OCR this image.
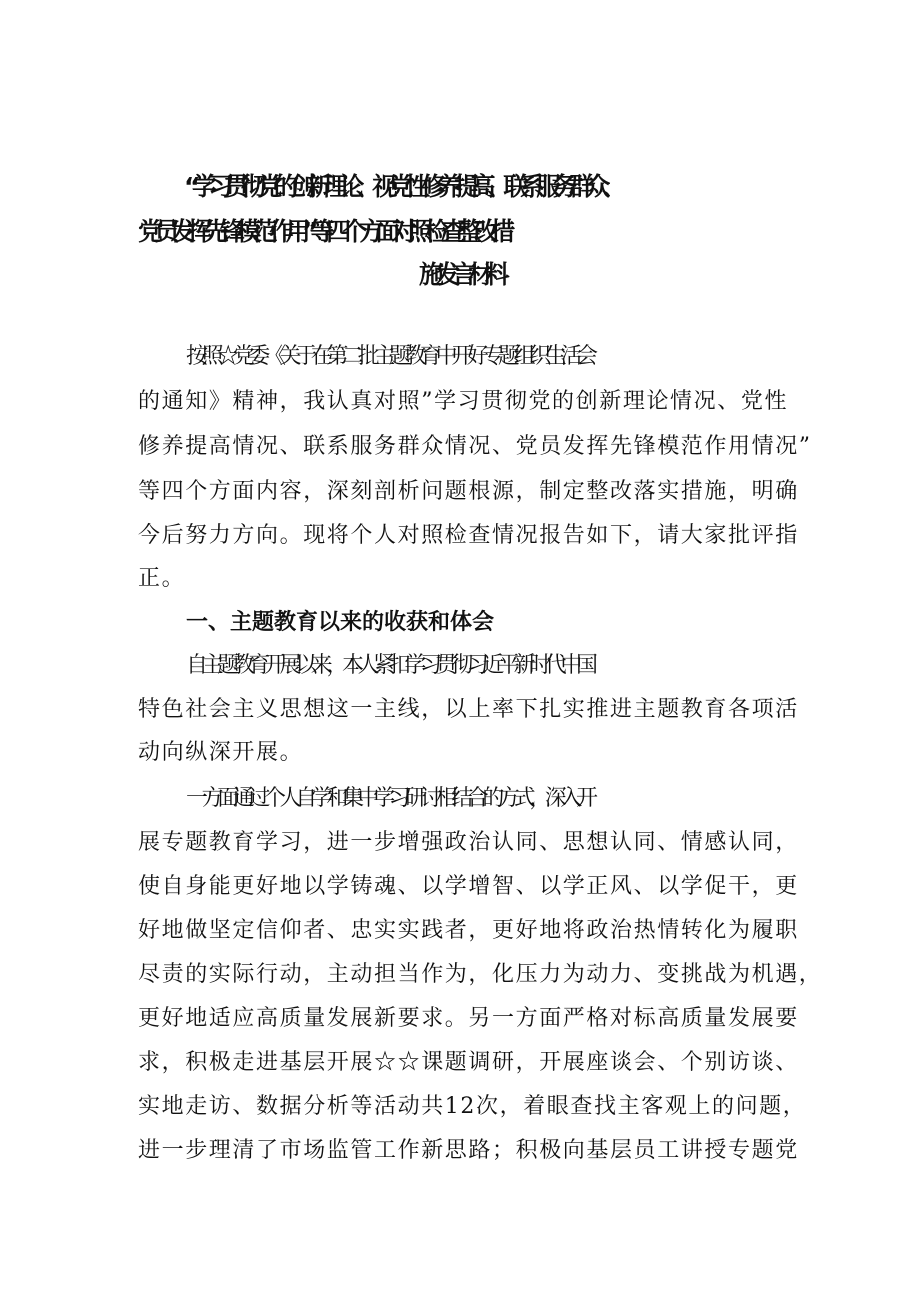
“学习贯彻党的创新理论、视党性修养提高、联系服务群众、
党员发挥先锋模范作用”等四个方面对照检查整改措
施发言材料
按照☆党委《关于在第二批主题教育中开好专题组织生活会
的通知》精神，我认真对照”学习贯彻党的创新理论情况、党性
修养提高情况、联系服务群众情况、党员发挥先锋模范作用情况”
等四个方面内容，深刻剖析问题根源，制定整改落实措施，明确
今后努力方向。现将个人对照检查情况报告如下，请大家批评指
正。
一、主题教育以来的收获和体会
自主题教育开展以来，本人紧扣学习贯彻习近平新时代中国
特色社会主义思想这一主线，以上率下扎实推进主题教育各项活
动向纵深开展。
一方面通过个人自学和集中学习研讨相结合的方式，深入开
展专题教育学习，进一步增强政治认同、思想认同、情感认同，
使自身能更好地以学铸魂、以学增智、以学正风、以学促干，更
好地做坚定信仰者、忠实实践者，更好地将政治热情转化为履职
尽责的实际行动，主动担当作为，化压力为动力、变挑战为机遇，
更好地适应高质量发展新要求。另一方面严格对标高质量发展要
求，积极走进基层开展☆☆课题调研，开展座谈会、个别访谈、
实地走访、数据分析等活动共12次，着眼查找主客观上的问题，
进一步理清了市场监管工作新思路；积极向基层员工讲授专题党
